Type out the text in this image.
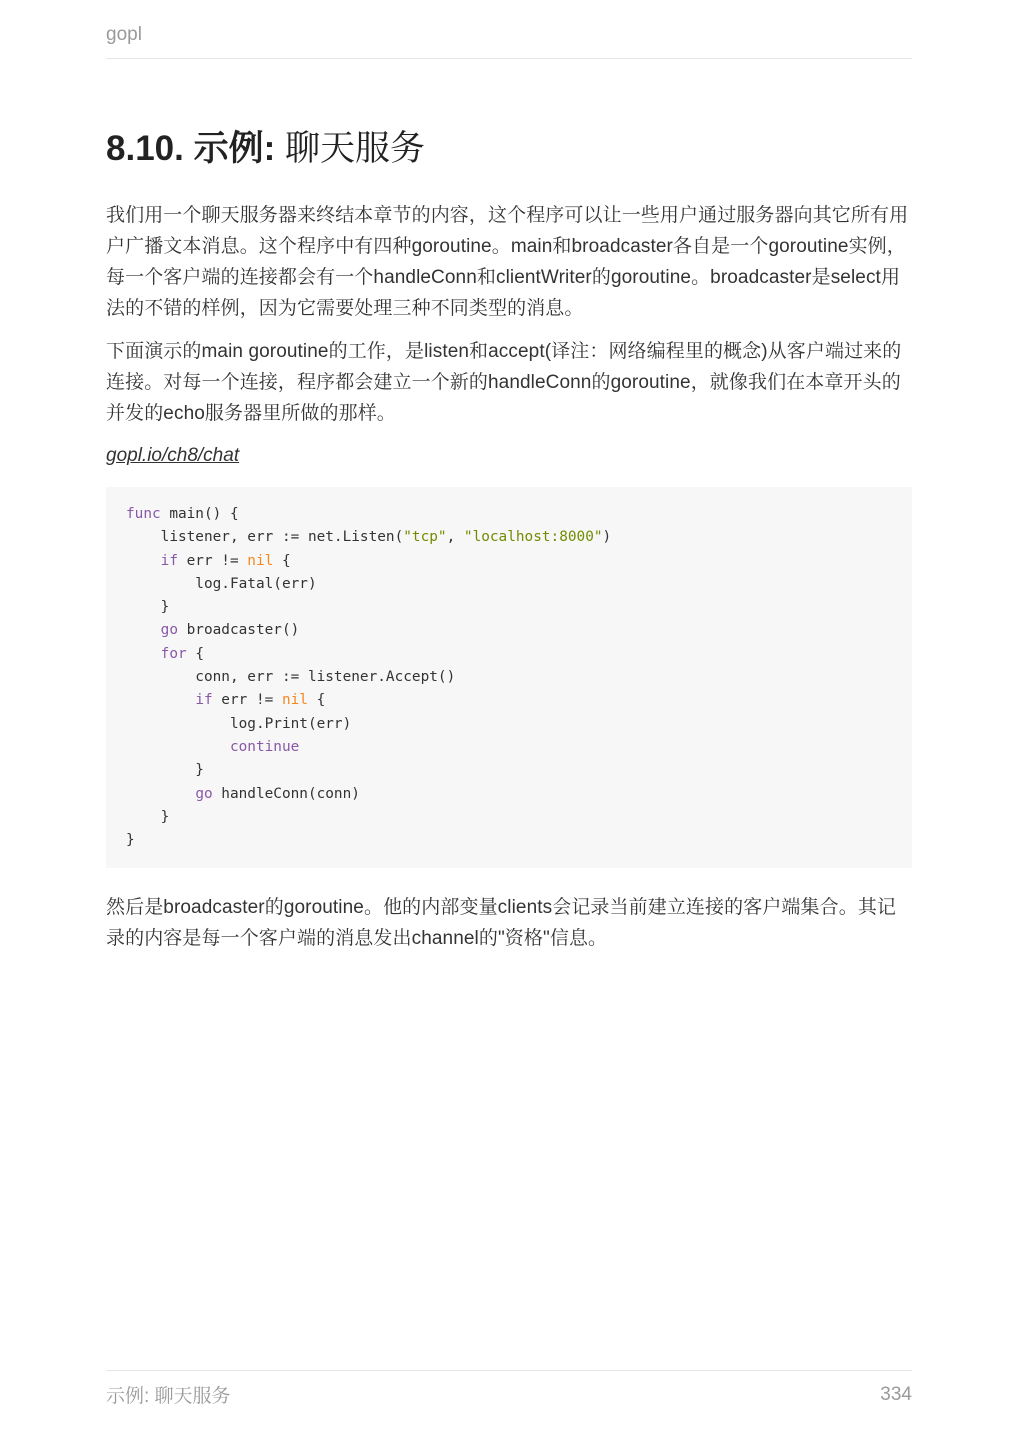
gopl
8.10. 示例: 聊天服务

我们用一个聊天服务器来终结本章节的内容，这个程序可以让一些用户通过服务器向其它所有用户广播文本消息。这个程序中有四种goroutine。main和broadcaster各自是一个goroutine实例，每一个客户端的连接都会有一个handleConn和clientWriter的goroutine。broadcaster是select用法的不错的样例，因为它需要处理三种不同类型的消息。

下面演示的main goroutine的工作，是listen和accept(译注：网络编程里的概念)从客户端过来的连接。对每一个连接，程序都会建立一个新的handleConn的goroutine，就像我们在本章开头的并发的echo服务器里所做的那样。

gopl.io/ch8/chat
func main() {
listener, err := net.Listen("tcp", "localhost:8000")
if err != nil {
log.Fatal(err)
}
go broadcaster()
for {
conn, err := listener.Accept()
if err != nil {
log.Print(err)
continue
}
go handleConn(conn)
}
}

然后是broadcaster的goroutine。他的内部变量clients会记录当前建立连接的客户端集合。其记录的内容是每一个客户端的消息发出channel的"资格"信息。

示例: 聊天服务	334
